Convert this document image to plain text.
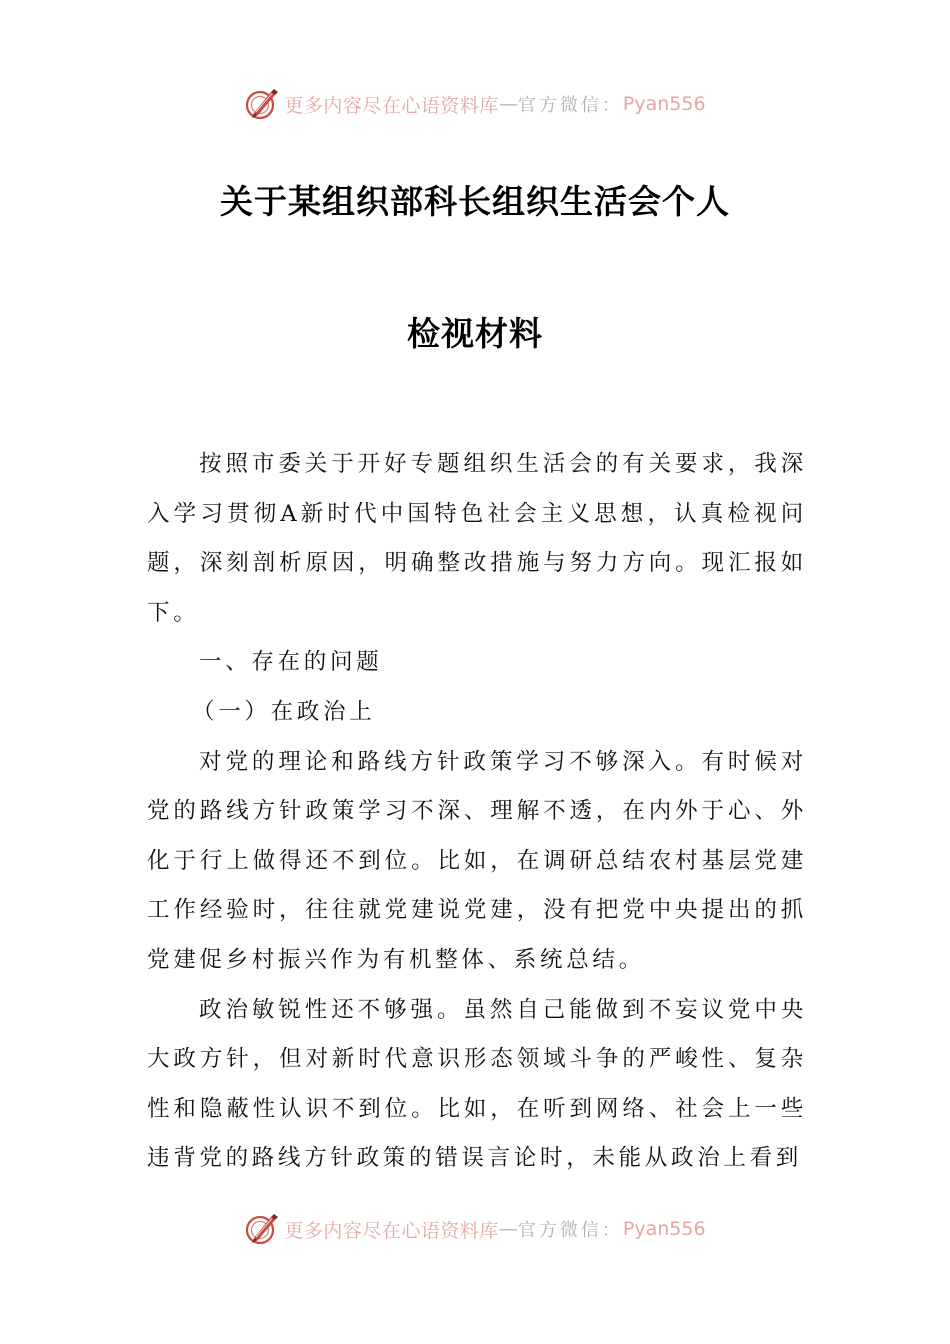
更多内容尽在心语资料库 — 官方微信： Pyan556
关于某组织部科长组织生活会个人
检视材料

按照市委关于开好专题组织生活会的有关要求，我深入学习贯彻A新时代中国特色社会主义思想，认真检视问题，深刻剖析原因，明确整改措施与努力方向。现汇报如下。

一、存在的问题

（一）在政治上

对党的理论和路线方针政策学习不够深入。有时候对党的路线方针政策学习不深、理解不透，在内外于心、外化于行上做得还不到位。比如，在调研总结农村基层党建工作经验时，往往就党建说党建，没有把党中央提出的抓党建促乡村振兴作为有机整体、系统总结。

政治敏锐性还不够强。虽然自己能做到不妄议党中央大政方针，但对新时代意识形态领域斗争的严峻性、复杂性和隐蔽性认识不到位。比如，在听到网络、社会上一些违背党的路线方针政策的错误言论时，未能从政治上看到

更多内容尽在心语资料库 — 官方微信： Pyan556
